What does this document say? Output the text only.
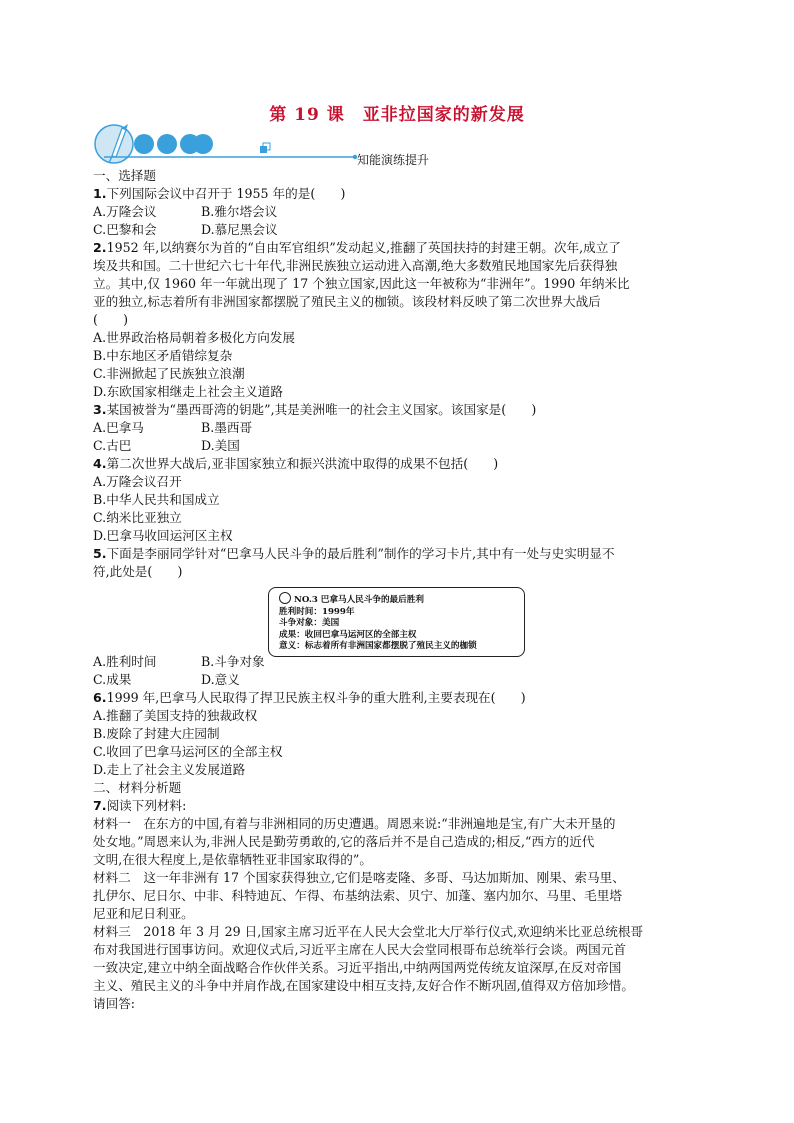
第 19 课　亚非拉国家的新发展
知能演练提升
一、选择题
1.下列国际会议中召开于 1955 年的是(　　)
A.万隆会议	B.雅尔塔会议
C.巴黎和会	D.慕尼黑会议
2.1952 年,以纳赛尔为首的“自由军官组织”发动起义,推翻了英国扶持的封建王朝。次年,成立了
埃及共和国。二十世纪六七十年代,非洲民族独立运动进入高潮,绝大多数殖民地国家先后获得独
立。其中,仅 1960 年一年就出现了 17 个独立国家,因此这一年被称为“非洲年”。1990 年纳米比
亚的独立,标志着所有非洲国家都摆脱了殖民主义的枷锁。该段材料反映了第二次世界大战后
(　　)
A.世界政治格局朝着多极化方向发展
B.中东地区矛盾错综复杂
C.非洲掀起了民族独立浪潮
D.东欧国家相继走上社会主义道路
3.某国被誉为“墨西哥湾的钥匙”,其是美洲唯一的社会主义国家。该国家是(　　)
A.巴拿马	B.墨西哥
C.古巴	D.美国
4.第二次世界大战后,亚非国家独立和振兴洪流中取得的成果不包括(　　)
A.万隆会议召开
B.中华人民共和国成立
C.纳米比亚独立
D.巴拿马收回运河区主权
5.下面是李丽同学针对“巴拿马人民斗争的最后胜利”制作的学习卡片,其中有一处与史实明显不
符,此处是(　　)
A.胜利时间	B.斗争对象
C.成果	D.意义
6.1999 年,巴拿马人民取得了捍卫民族主权斗争的重大胜利,主要表现在(　　)
A.推翻了美国支持的独裁政权
B.废除了封建大庄园制
C.收回了巴拿马运河区的全部主权
D.走上了社会主义发展道路
二、材料分析题
7.阅读下列材料:
材料一　在东方的中国,有着与非洲相同的历史遭遇。周恩来说:“非洲遍地是宝,有广大未开垦的
处女地。”周恩来认为,非洲人民是勤劳勇敢的,它的落后并不是自己造成的;相反,“西方的近代
文明,在很大程度上,是依靠牺牲亚非国家取得的”。
材料二　这一年非洲有 17 个国家获得独立,它们是喀麦隆、多哥、马达加斯加、刚果、索马里、
扎伊尔、尼日尔、中非、科特迪瓦、乍得、布基纳法索、贝宁、加蓬、塞内加尔、马里、毛里塔
尼亚和尼日利亚。
材料三　2018 年 3 月 29 日,国家主席习近平在人民大会堂北大厅举行仪式,欢迎纳米比亚总统根哥
布对我国进行国事访问。欢迎仪式后,习近平主席在人民大会堂同根哥布总统举行会谈。两国元首
一致决定,建立中纳全面战略合作伙伴关系。习近平指出,中纳两国两党传统友谊深厚,在反对帝国
主义、殖民主义的斗争中并肩作战,在国家建设中相互支持,友好合作不断巩固,值得双方倍加珍惜。
请回答:
NO.3 巴拿马人民斗争的最后胜利
胜利时间：1999年
斗争对象：美国
成果：收回巴拿马运河区的全部主权
意义：标志着所有非洲国家都摆脱了殖民主义的枷锁
